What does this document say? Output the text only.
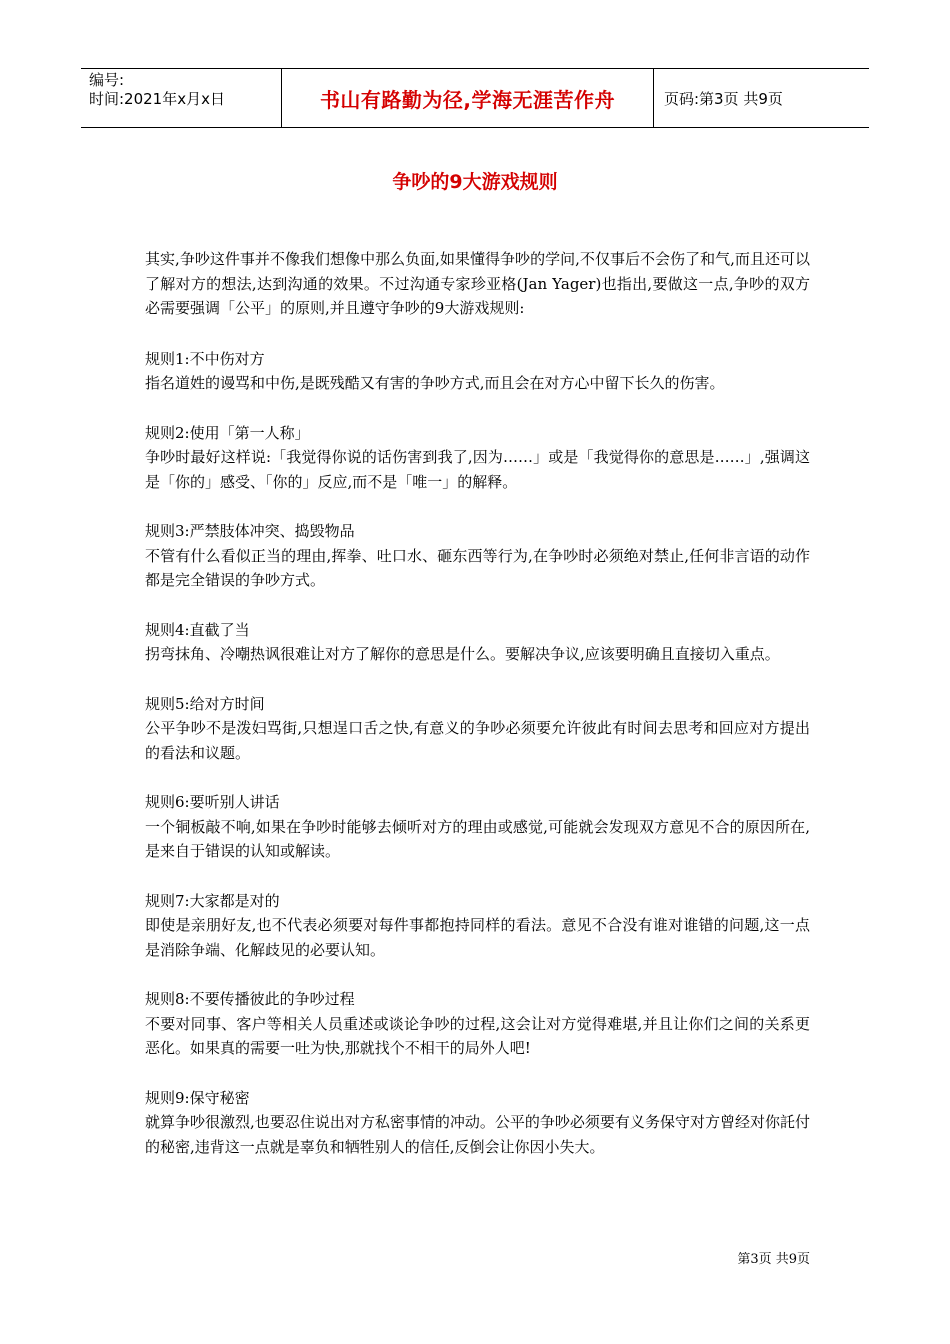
编号:
时间:2021年x月x日	书山有路勤为径,学海无涯苦作舟	页码:第3页 共9页
争吵的9大游戏规则

其实,争吵这件事并不像我们想像中那么负面,如果懂得争吵的学问,不仅事后不会伤了和气,而且还可以了解对方的想法,达到沟通的效果。不过沟通专家珍亚格(Jan Yager)也指出,要做这一点,争吵的双方必需要强调「公平」的原则,并且遵守争吵的9大游戏规则:

规则1:不中伤对方
指名道姓的谩骂和中伤,是既残酷又有害的争吵方式,而且会在对方心中留下长久的伤害。
规则2:使用「第一人称」
争吵时最好这样说:「我觉得你说的话伤害到我了,因为……」或是「我觉得你的意思是……」,强调这是「你的」感受、「你的」反应,而不是「唯一」的解释。
规则3:严禁肢体冲突、捣毁物品
不管有什么看似正当的理由,挥拳、吐口水、砸东西等行为,在争吵时必须绝对禁止,任何非言语的动作都是完全错误的争吵方式。
规则4:直截了当
拐弯抹角、冷嘲热讽很难让对方了解你的意思是什么。要解决争议,应该要明确且直接切入重点。
规则5:给对方时间
公平争吵不是泼妇骂街,只想逞口舌之快,有意义的争吵必须要允许彼此有时间去思考和回应对方提出的看法和议题。
规则6:要听别人讲话
一个铜板敲不响,如果在争吵时能够去倾听对方的理由或感觉,可能就会发现双方意见不合的原因所在,是来自于错误的认知或解读。
规则7:大家都是对的
即使是亲朋好友,也不代表必须要对每件事都抱持同样的看法。意见不合没有谁对谁错的问题,这一点是消除争端、化解歧见的必要认知。
规则8:不要传播彼此的争吵过程
不要对同事、客户等相关人员重述或谈论争吵的过程,这会让对方觉得难堪,并且让你们之间的关系更恶化。如果真的需要一吐为快,那就找个不相干的局外人吧!
规则9:保守秘密
就算争吵很激烈,也要忍住说出对方私密事情的冲动。公平的争吵必须要有义务保守对方曾经对你託付的秘密,违背这一点就是辜负和牺牲别人的信任,反倒会让你因小失大。
第3页 共9页
